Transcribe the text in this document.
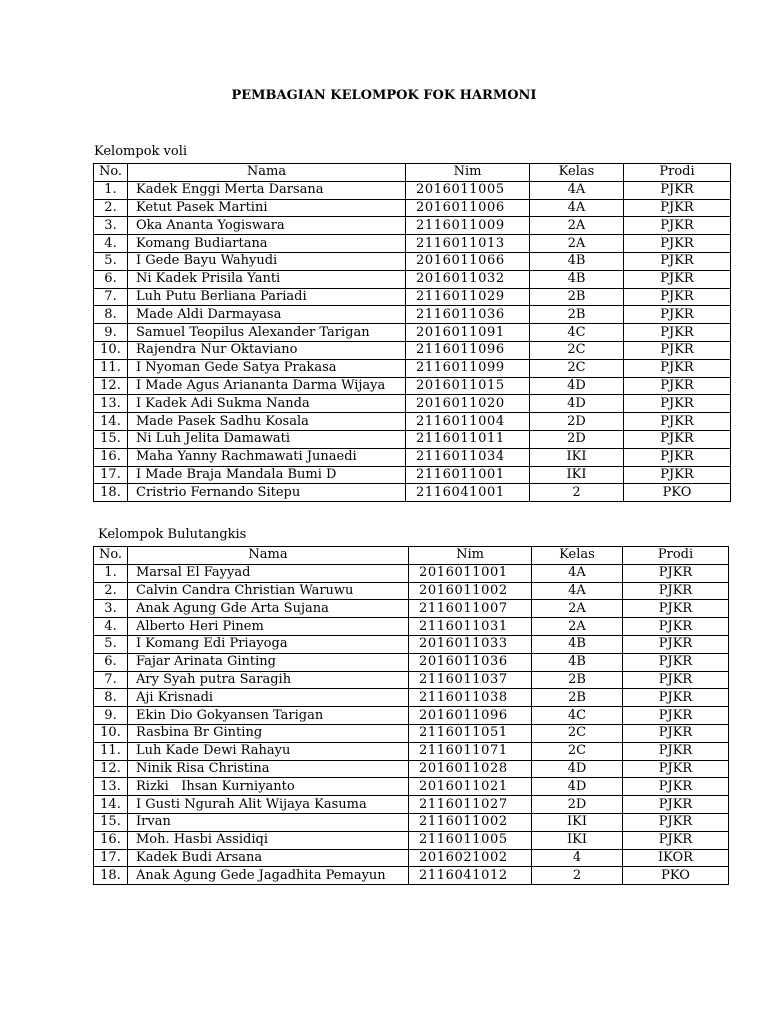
PEMBAGIAN KELOMPOK FOK HARMONI
Kelompok voli
No.	Nama	Nim	Kelas	Prodi
1.	Kadek Enggi Merta Darsana	2016011005	4A	PJKR
2.	Ketut Pasek Martini	2016011006	4A	PJKR
3.	Oka Ananta Yogiswara	2116011009	2A	PJKR
4.	Komang Budiartana	2116011013	2A	PJKR
5.	I Gede Bayu Wahyudi	2016011066	4B	PJKR
6.	Ni Kadek Prisila Yanti	2016011032	4B	PJKR
7.	Luh Putu Berliana Pariadi	2116011029	2B	PJKR
8.	Made Aldi Darmayasa	2116011036	2B	PJKR
9.	Samuel Teopilus Alexander Tarigan	2016011091	4C	PJKR
10.	Rajendra Nur Oktaviano	2116011096	2C	PJKR
11.	I Nyoman Gede Satya Prakasa	2116011099	2C	PJKR
12.	I Made Agus Ariananta Darma Wijaya	2016011015	4D	PJKR
13.	I Kadek Adi Sukma Nanda	2016011020	4D	PJKR
14.	Made Pasek Sadhu Kosala	2116011004	2D	PJKR
15.	Ni Luh Jelita Damawati	2116011011	2D	PJKR
16.	Maha Yanny Rachmawati Junaedi	2116011034	IKI	PJKR
17.	I Made Braja Mandala Bumi D	2116011001	IKI	PJKR
18.	Cristrio Fernando Sitepu	2116041001	2	PKO
Kelompok Bulutangkis
No.	Nama	Nim	Kelas	Prodi
1.	Marsal El Fayyad	2016011001	4A	PJKR
2.	Calvin Candra Christian Waruwu	2016011002	4A	PJKR
3.	Anak Agung Gde Arta Sujana	2116011007	2A	PJKR
4.	Alberto Heri Pinem	2116011031	2A	PJKR
5.	I Komang Edi Priayoga	2016011033	4B	PJKR
6.	Fajar Arinata Ginting	2016011036	4B	PJKR
7.	Ary Syah putra Saragih	2116011037	2B	PJKR
8.	Aji Krisnadi	2116011038	2B	PJKR
9.	Ekin Dio Gokyansen Tarigan	2016011096	4C	PJKR
10.	Rasbina Br Ginting	2116011051	2C	PJKR
11.	Luh Kade Dewi Rahayu	2116011071	2C	PJKR
12.	Ninik Risa Christina	2016011028	4D	PJKR
13.	Rizki   Ihsan Kurniyanto	2016011021	4D	PJKR
14.	I Gusti Ngurah Alit Wijaya Kasuma	2116011027	2D	PJKR
15.	Irvan	2116011002	IKI	PJKR
16.	Moh. Hasbi Assidiqi	2116011005	IKI	PJKR
17.	Kadek Budi Arsana	2016021002	4	IKOR
18.	Anak Agung Gede Jagadhita Pemayun	2116041012	2	PKO
